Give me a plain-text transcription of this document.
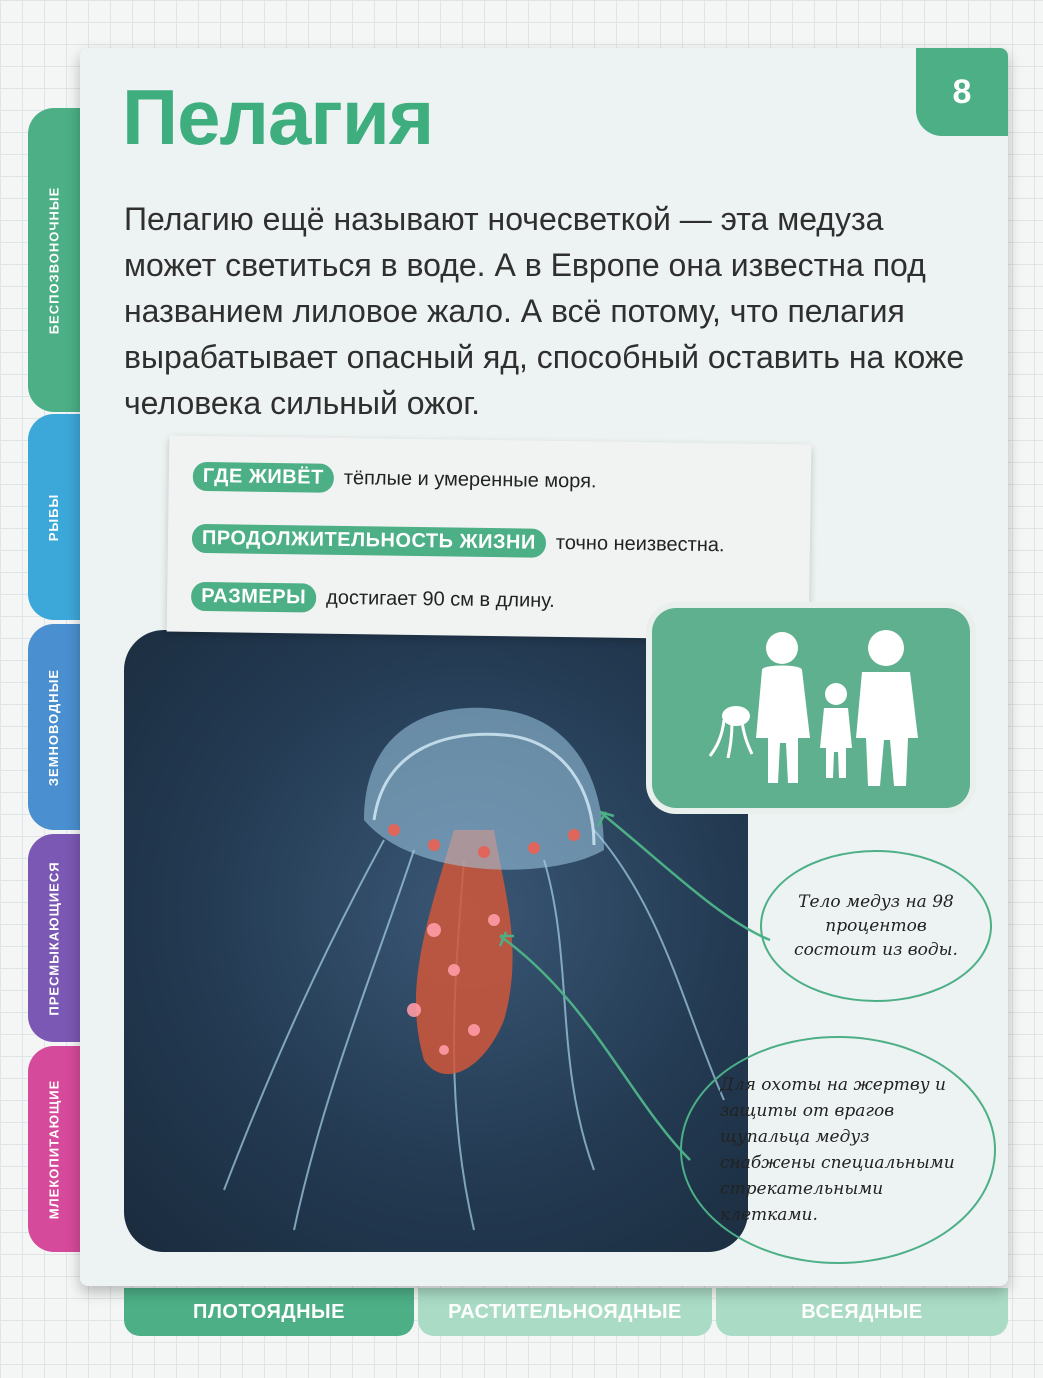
ПЛОТОЯДНЫЕ	РАСТИТЕЛЬНОЯДНЫЕ	ВСЕЯДНЫЕ
БЕСПОЗВОНОЧНЫЕ
РЫБЫ
ЗЕМНОВОДНЫЕ
ПРЕСМЫКАЮЩИЕСЯ
МЛЕКОПИТАЮЩИЕ
8
Пелагия
Пелагию ещё называют ночесветкой — эта медуза может светиться в воде. А в Европе она известна под названием лиловое жало. А всё потому, что пелагия вырабатывает опасный яд, способный оставить на коже человека сильный ожог.
ГДЕ ЖИВЁТ тёплые и умеренные моря.
ПРОДОЛЖИТЕЛЬНОСТЬ ЖИЗНИ точно неизвестна.
РАЗМЕРЫ достигает 90 см в длину.
Тело медуз на 98 процентов состоит из воды.
Для охоты на жертву и защиты от врагов щупальца медуз снабжены специальными стрекательными клетками.
